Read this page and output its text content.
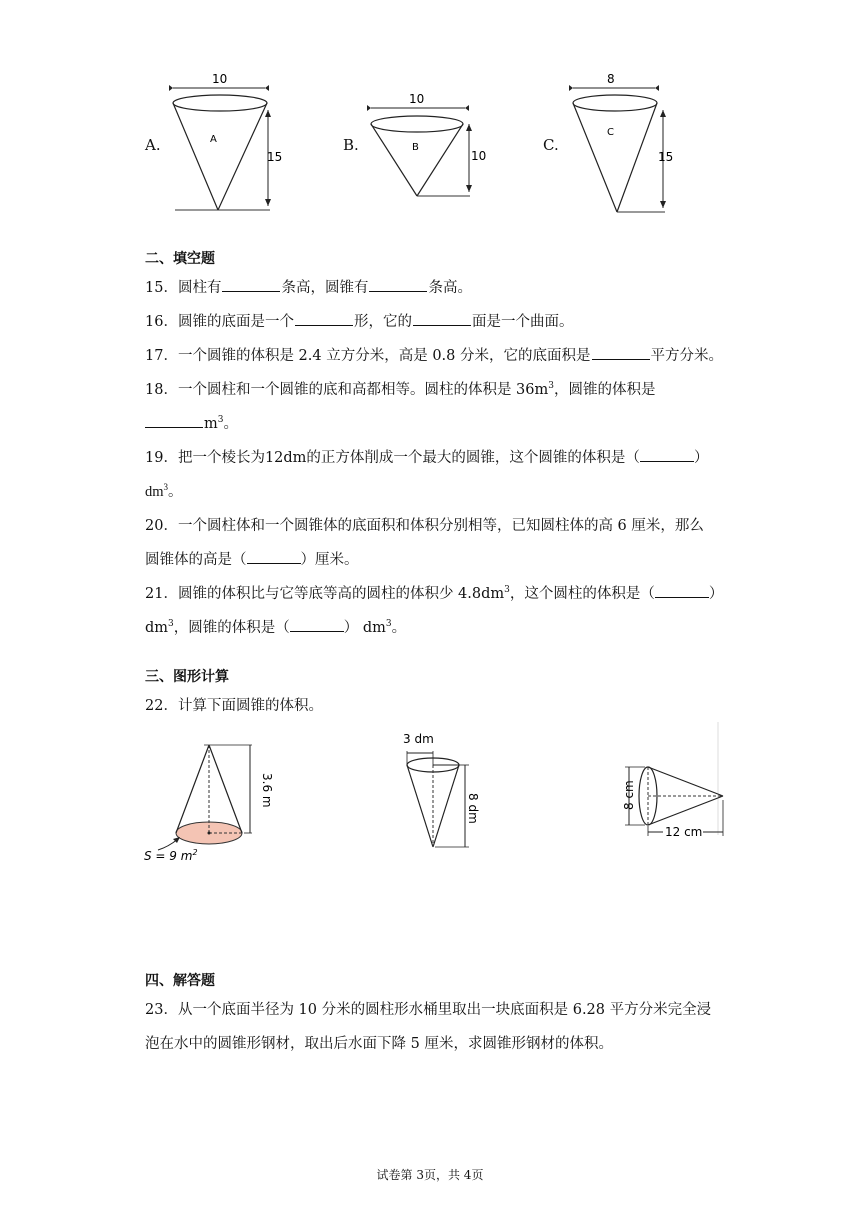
A.
10
A
15
B.
10
B
10
C.
8
C
15
二、填空题
15．圆柱有	条高，圆锥有	条高。
16．圆锥的底面是一个	形，它的	面是一个曲面。
17．一个圆锥的体积是 2.4 立方分米，高是 0.8 分米，它的底面积是	平方分米。
18．一个圆柱和一个圆锥的底和高都相等。圆柱的体积是 $36m^3$，圆锥的体积是
$m^3$。
19．把一个棱长为12dm的正方体削成一个最大的圆锥，这个圆锥的体积是（	）
$dm^3$。
20．一个圆柱体和一个圆锥体的底面积和体积分别相等，已知圆柱体的高 6 厘米，那么
圆锥体的高是（	）厘米。
21．圆锥的体积比与它等底等高的圆柱的体积少 $4.8dm^3$，这个圆柱的体积是（	）
$dm^3$，圆锥的体积是（	） $dm^3$。
三、图形计算
22．计算下面圆锥的体积。
3.6 m
S = 9 $m^2$
3 dm
8 dm	8 cm
12 cm
四、解答题
23．从一个底面半径为 10 分米的圆柱形水桶里取出一块底面积是 6.28 平方分米完全浸
泡在水中的圆锥形钢材，取出后水面下降 5 厘米，求圆锥形钢材的体积。
试卷第 3页，共 4页
